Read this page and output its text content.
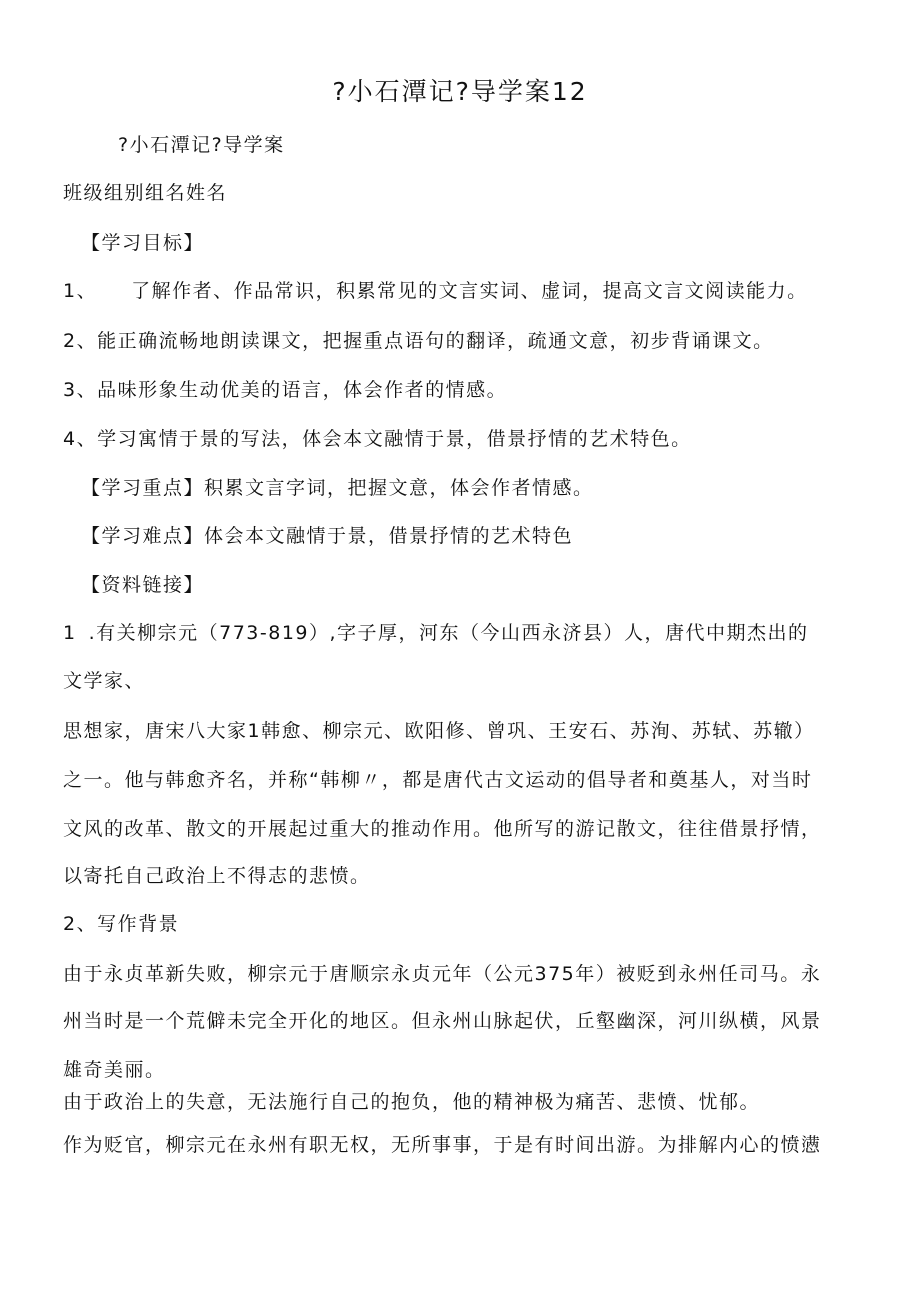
?小石潭记?导学案12
?小石潭记?导学案
班级组别组名姓名
【学习目标】
1、 了解作者、作品常识，积累常见的文言实词、虚词，提高文言文阅读能力。
2、能正确流畅地朗读课文，把握重点语句的翻译，疏通文意，初步背诵课文。
3、品味形象生动优美的语言，体会作者的情感。
4、学习寓情于景的写法，体会本文融情于景，借景抒情的艺术特色。
【学习重点】积累文言字词，把握文意，体会作者情感。
【学习难点】体会本文融情于景，借景抒情的艺术特色
【资料链接】
1 .有关柳宗元（773-819）,字子厚，河东（今山西永济县）人，唐代中期杰出的
文学家、
思想家，唐宋八大家1韩愈、柳宗元、欧阳修、曾巩、王安石、苏洵、苏轼、苏辙）
之一。他与韩愈齐名，并称“韩柳〃，都是唐代古文运动的倡导者和奠基人，对当时
文风的改革、散文的开展起过重大的推动作用。他所写的游记散文，往往借景抒情，
以寄托自己政治上不得志的悲愤。
2、写作背景
由于永贞革新失败，柳宗元于唐顺宗永贞元年（公元375年）被贬到永州任司马。永
州当时是一个荒僻未完全开化的地区。但永州山脉起伏，丘壑幽深，河川纵横，风景
雄奇美丽。
由于政治上的失意，无法施行自己的抱负，他的精神极为痛苦、悲愤、忧郁。
作为贬官，柳宗元在永州有职无权，无所事事，于是有时间出游。为排解内心的愤懑
